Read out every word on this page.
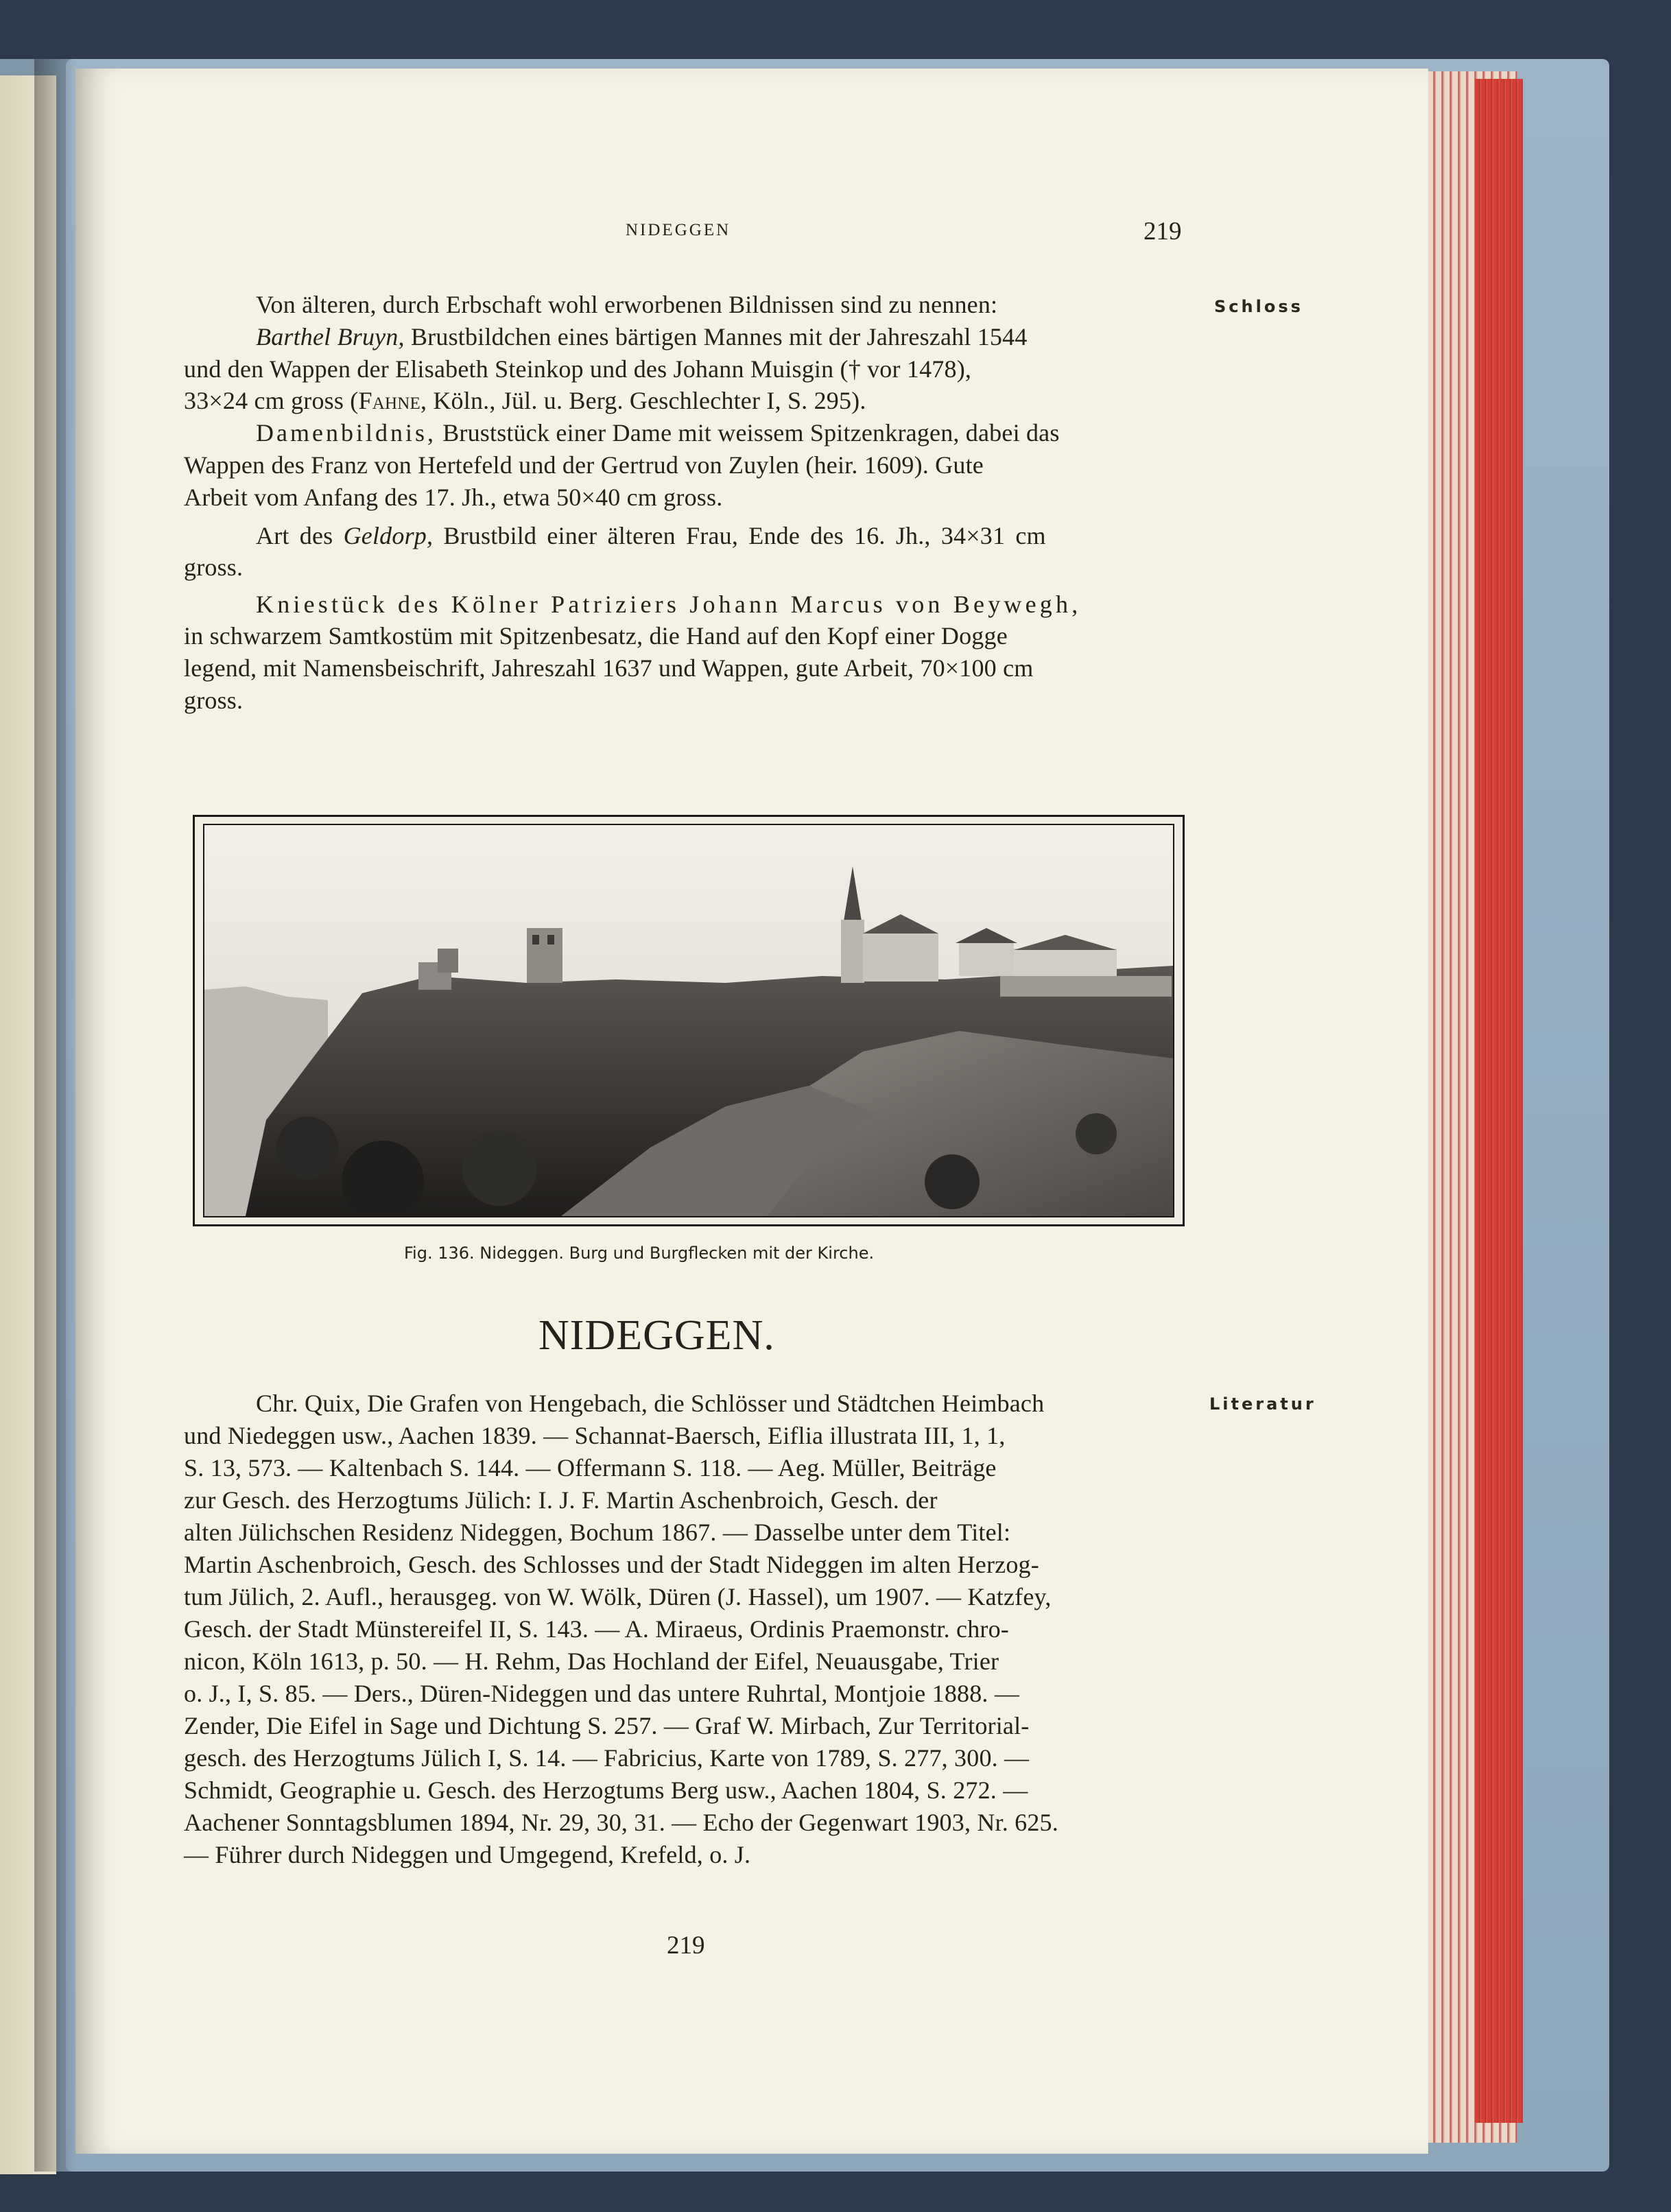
NIDEGGEN	219
Schloss
Literatur
Von älteren, durch Erbschaft wohl erworbenen Bildnissen sind zu nennen:
Barthel Bruyn, Brustbildchen eines bärtigen Mannes mit der Jahreszahl 1544
und den Wappen der Elisabeth Steinkop und des Johann Muisgin († vor 1478),
33×24 cm gross (Fahne, Köln., Jül. u. Berg. Geschlechter I, S. 295).
Damenbildnis, Bruststück einer Dame mit weissem Spitzenkragen, dabei das
Wappen des Franz von Hertefeld und der Gertrud von Zuylen (heir. 1609). Gute
Arbeit vom Anfang des 17. Jh., etwa 50×40 cm gross.
Art des Geldorp, Brustbild einer älteren Frau, Ende des 16. Jh., 34×31 cm
gross.
Kniestück des Kölner Patriziers Johann Marcus von Beywegh,
in schwarzem Samtkostüm mit Spitzenbesatz, die Hand auf den Kopf einer Dogge
legend, mit Namensbeischrift, Jahreszahl 1637 und Wappen, gute Arbeit, 70×100 cm
gross.
Fig. 136. Nideggen. Burg und Burgflecken mit der Kirche.
NIDEGGEN.
Chr. Quix, Die Grafen von Hengebach, die Schlösser und Städtchen Heimbach
und Niedeggen usw., Aachen 1839. — Schannat-Baersch, Eiflia illustrata III, 1, 1,
S. 13, 573. — Kaltenbach S. 144. — Offermann S. 118. — Aeg. Müller, Beiträge
zur Gesch. des Herzogtums Jülich: I. J. F. Martin Aschenbroich, Gesch. der
alten Jülichschen Residenz Nideggen, Bochum 1867. — Dasselbe unter dem Titel:
Martin Aschenbroich, Gesch. des Schlosses und der Stadt Nideggen im alten Herzog-
tum Jülich, 2. Aufl., herausgeg. von W. Wölk, Düren (J. Hassel), um 1907. — Katzfey,
Gesch. der Stadt Münstereifel II, S. 143. — A. Miraeus, Ordinis Praemonstr. chro-
nicon, Köln 1613, p. 50. — H. Rehm, Das Hochland der Eifel, Neuausgabe, Trier
o. J., I, S. 85. — Ders., Düren-Nideggen und das untere Ruhrtal, Montjoie 1888. —
Zender, Die Eifel in Sage und Dichtung S. 257. — Graf W. Mirbach, Zur Territorial-
gesch. des Herzogtums Jülich I, S. 14. — Fabricius, Karte von 1789, S. 277, 300. —
Schmidt, Geographie u. Gesch. des Herzogtums Berg usw., Aachen 1804, S. 272. —
Aachener Sonntagsblumen 1894, Nr. 29, 30, 31. — Echo der Gegenwart 1903, Nr. 625.
— Führer durch Nideggen und Umgegend, Krefeld, o. J.
219
